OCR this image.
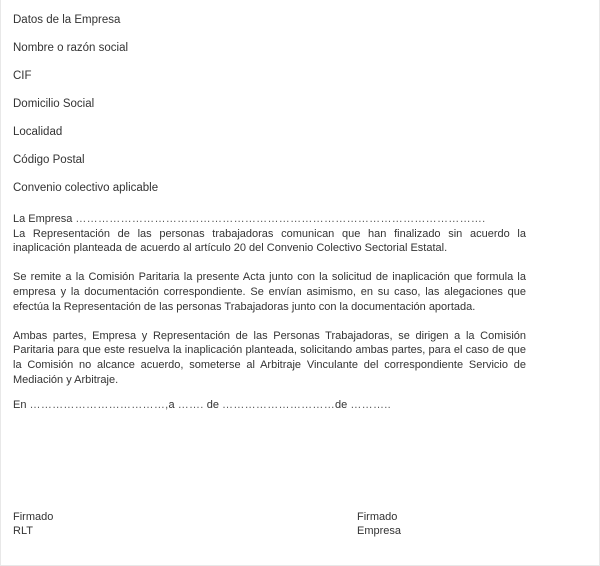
Datos de la Empresa
Nombre o razón social
CIF
Domicilio Social
Localidad
Código Postal
Convenio colectivo aplicable

La Empresa ……………………………………………………………………………………………….
La Representación de las personas trabajadoras comunican que han finalizado sin acuerdo la inaplicación planteada de acuerdo al artículo 20 del Convenio Colectivo Sectorial Estatal.

Se remite a la Comisión Paritaria la presente Acta junto con la solicitud de inaplicación que formula la empresa y la documentación correspondiente. Se envían asimismo, en su caso, las alegaciones que efectúa la Representación de las personas Trabajadoras junto con la documentación aportada.

Ambas partes, Empresa y Representación de las Personas Trabajadoras, se dirigen a la Comisión Paritaria para que este resuelva la inaplicación planteada, solicitando ambas partes, para el caso de que la Comisión no alcance acuerdo, someterse al Arbitraje Vinculante del correspondiente Servicio de Mediación y Arbitraje.

En ………………………………,a ……. de …………………………de ………..
Firmado
RLT
Firmado
Empresa
